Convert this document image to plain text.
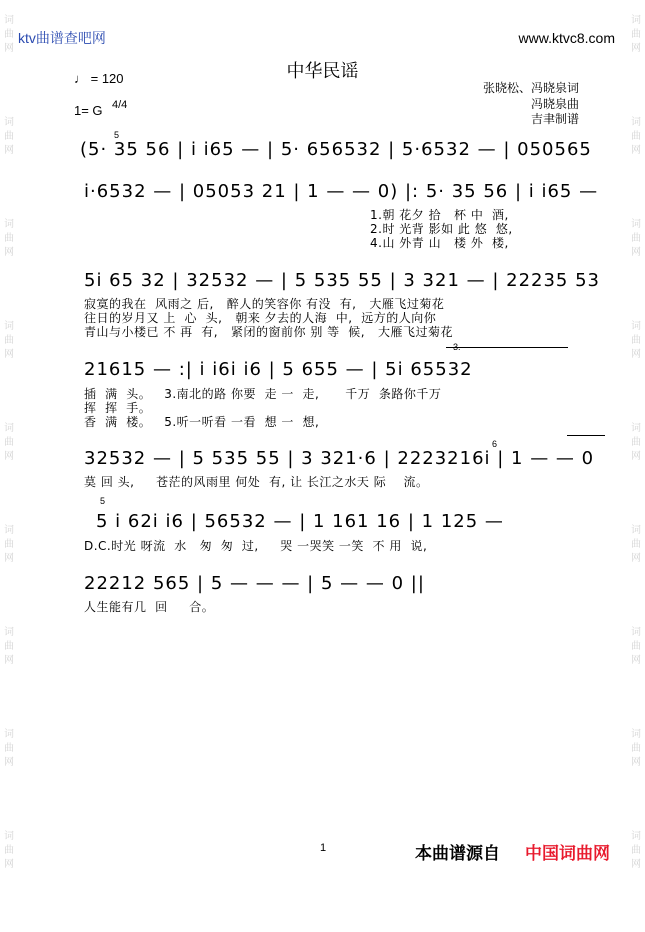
词 曲 网
词 曲 网
词 曲 网
词 曲 网
词 曲 网
词 曲 网
词 曲 网
词 曲 网
词 曲 网
词 曲 网
词 曲 网
词 曲 网
词 曲 网
词 曲 网
词 曲 网
词 曲 网
词 曲 网
词 曲 网
ktv曲谱查吧网	www.ktvc8.com
中华民谣
♩ = 120
1= G 4/4
张晓松、冯晓泉词
冯晓泉曲
吉聿制谱
(5· 35 56 | i i65 — | 5· 656532 | 5·6532 — | 050565
5
i·6532 — | 05053 21 | 1 — — 0) |: 5· 35 56 | i i65 —
1.朝 花夕 拾   杯 中  酒,
2.时 光背 影如 此 悠  悠,
4.山 外青 山   楼 外  楼,
5i 65 32 | 32532 — | 5 535 55 | 3 321 — | 22235 53
寂寞的我在  风雨之 后,   醉人的笑容你 有没  有,   大雁飞过菊花
往日的岁月又 上  心  头,   朝来 夕去的人海  中,  远方的人向你
青山与小楼已 不 再  有,   紧闭的窗前你 别 等  候,   大雁飞过菊花
21615 — :| i i6i i6 | 5 655 — | 5i 65532
插  满  头。   3.南北的路 你要  走 一  走,      千万  条路你千万
挥  挥  手。
香  满  楼。   5.听一听看 一看  想 一  想,
32532 — | 5 535 55 | 3 321·6 | 2223216i | 1 — — 0
6
莫 回 头,     苍茫的风雨里 何处  有, 让 长江之水天 际    流。
5
5 i 62i i6 | 56532 — | 1 161 16 | 1 125 —
D.C.时光 呀流  水   匆  匆  过,     哭 一哭笑 一笑  不 用  说,
22212 565 | 5 — — — | 5 — — 0 ||
人生能有几  回     合。
1	本曲谱源自 中国词曲网
